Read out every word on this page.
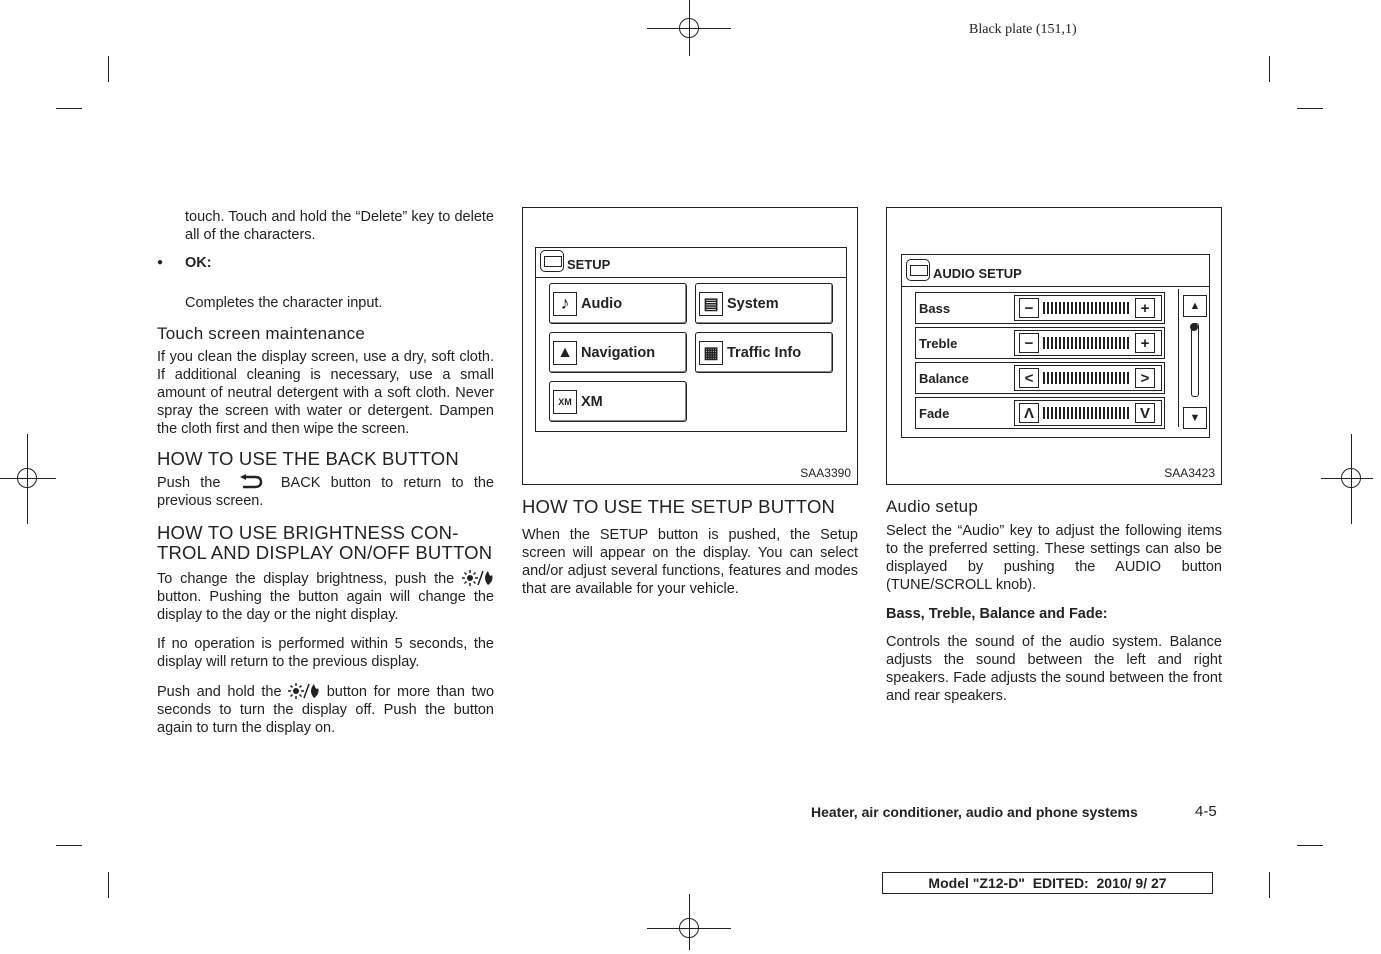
Black plate (151,1)

touch. Touch and hold the “Delete” key to delete all of the characters.

● OK:

Completes the character input.

Touch screen maintenance

If you clean the display screen, use a dry, soft cloth. If additional cleaning is necessary, use a small amount of neutral detergent with a soft cloth. Never spray the screen with water or detergent. Dampen the cloth first and then wipe the screen.

HOW TO USE THE BACK BUTTON

Push the	BACK button to return to the previous screen.

HOW TO USE BRIGHTNESS CON-
TROL AND DISPLAY ON/OFF BUTTON

To change the display brightness, push the  button. Pushing the button again will change the display to the day or the night display.

If no operation is performed within 5 seconds, the display will return to the previous display.

Push and hold the	button for more than two seconds to turn the display off. Push the button again to turn the display on.

SETUP
♪ Audio	▤ System
▲ Navigation	▦ Traffic Info
XM XM
SAA3390
HOW TO USE THE SETUP BUTTON

When the SETUP button is pushed, the Setup screen will appear on the display. You can select and/or adjust several functions, features and modes that are available for your vehicle.

AUDIO SETUP
Bass	−	+
Treble	−	+
Balance	<	>
Fade	Λ	V
▲
▼
SAA3423
Audio setup

Select the “Audio” key to adjust the following items to the preferred setting. These settings can also be displayed by pushing the AUDIO button (TUNE/SCROLL knob).

Bass, Treble, Balance and Fade:

Controls the sound of the audio system. Balance adjusts the sound between the left and right speakers. Fade adjusts the sound between the front and rear speakers.

Heater, air conditioner, audio and phone systems	4-5
Model
"Z12-D"
EDITED:
2010/ 9/ 27
